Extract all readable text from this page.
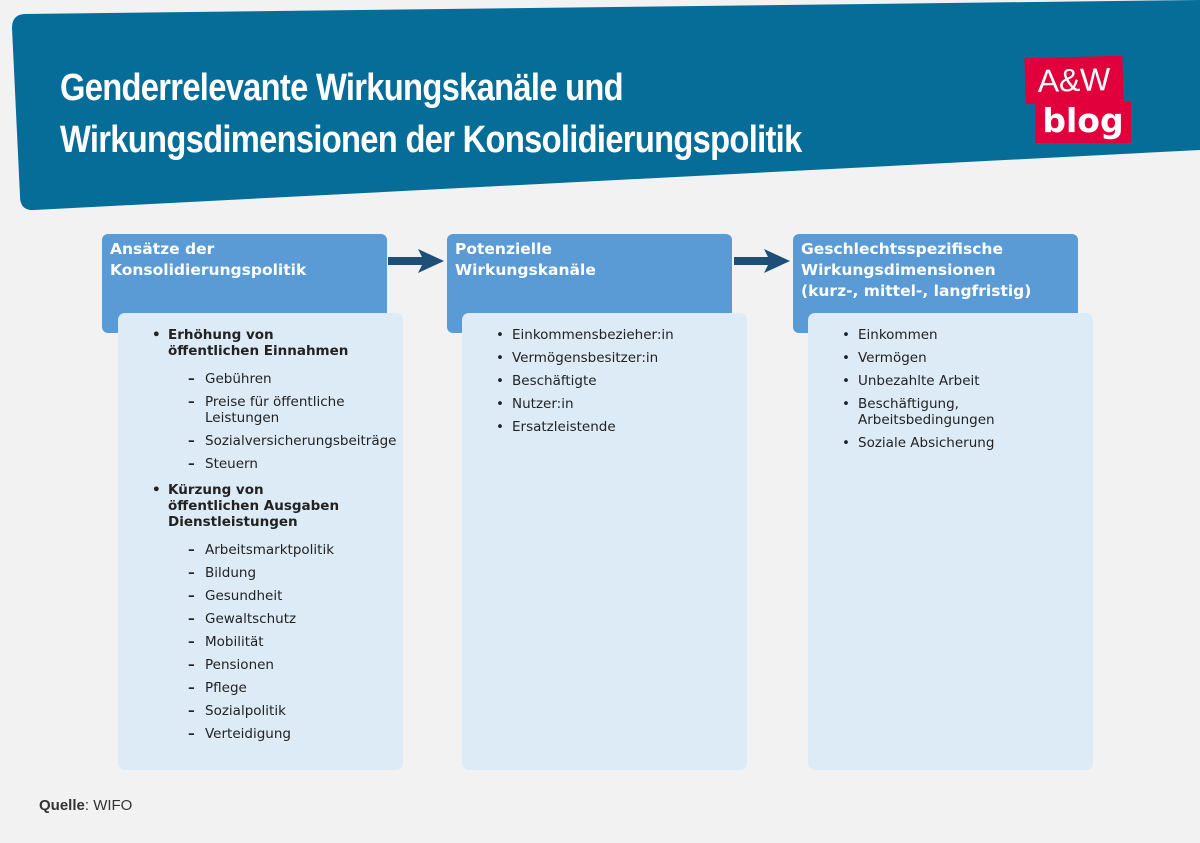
Genderrelevante Wirkungskanäle und
Wirkungsdimensionen der Konsolidierungspolitik
A&W
blog
Ansätze der
Konsolidierungspolitik
• Erhöhung von
öffentlichen Einnahmen
– Gebühren
– Preise für öffentliche Leistungen
– Sozialversicherungsbeiträge
– Steuern
• Kürzung von
öffentlichen Ausgaben
Dienstleistungen
– Arbeitsmarktpolitik
– Bildung
– Gesundheit
– Gewaltschutz
– Mobilität
– Pensionen
– Pflege
– Sozialpolitik
– Verteidigung
Potenzielle
Wirkungskanäle
• Einkommensbezieher:in
• Vermögensbesitzer:in
• Beschäftigte
• Nutzer:in
• Ersatzleistende
Geschlechtsspezifische
Wirkungsdimensionen
(kurz-, mittel-, langfristig)
• Einkommen
• Vermögen
• Unbezahlte Arbeit
• Beschäftigung, Arbeitsbedingungen
• Soziale Absicherung
Quelle: WIFO
